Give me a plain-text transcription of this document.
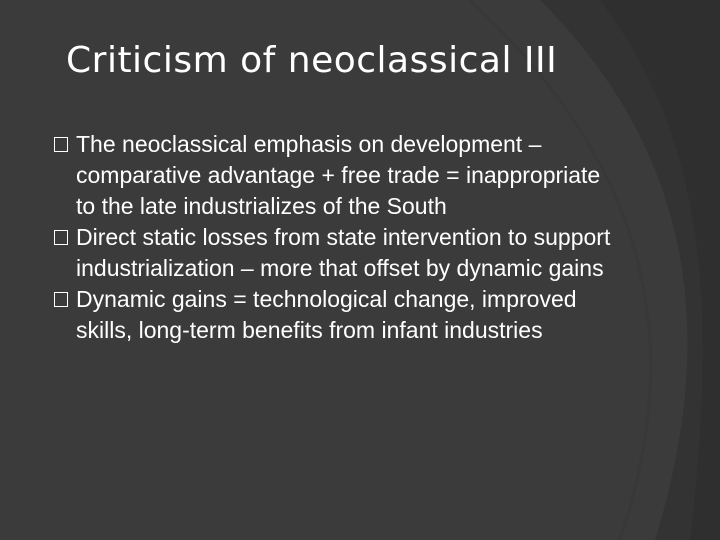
Criticism of neoclassical III
The neoclassical emphasis on development – comparative advantage + free trade = inappropriate to the late industrializes of the South
Direct static losses from state intervention to support industrialization – more that offset by dynamic gains
Dynamic gains = technological change, improved skills, long-term benefits from infant industries
